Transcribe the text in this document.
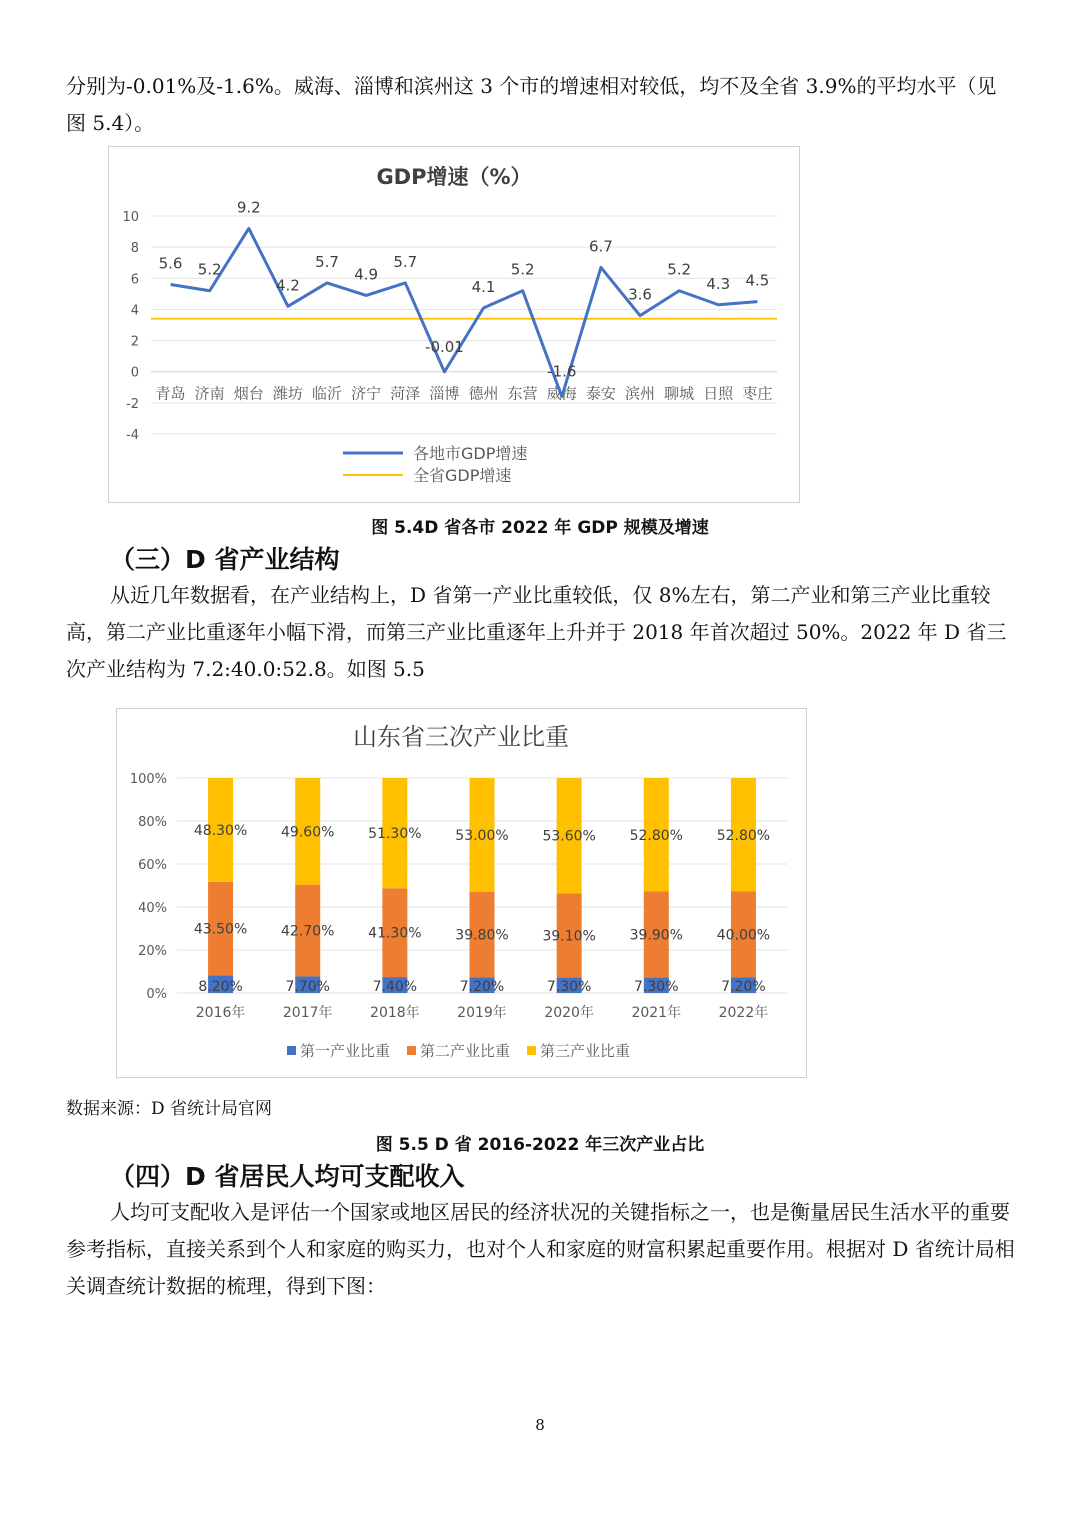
分别为-0.01%及-1.6%。威海、淄博和滨州这 3 个市的增速相对较低，均不及全省 3.9%的平均水平（见图 5.4）。

GDP增速（%）
10
8
6
4
2
0
-2
-4
青岛 济南 烟台 潍坊 临沂 济宁 菏泽 淄博 德州 东营 威海 泰安 滨州 聊城 日照 枣庄
5.6 5.2
9.2
4.2
5.7
4.9
5.7
-0.01
4.1
5.2
-1.6
6.7
3.6
5.2
4.3 4.5
各地市GDP增速
全省GDP增速
图 5.4D 省各市 2022 年 GDP 规模及增速
（三）D 省产业结构

从近几年数据看，在产业结构上，D 省第一产业比重较低，仅 8%左右，第二产业和第三产业比重较高，第二产业比重逐年小幅下滑，而第三产业比重逐年上升并于 2018 年首次超过 50%。2022 年 D 省三次产业结构为 7.2:40.0:52.8。如图 5.5

山东省三次产业比重
100%
80%
60%
40%
20%
0% 8.20%
43.50%
48.30%
7.70%
42.70%
49.60%
7.40%
41.30%
51.30%
7.20%
39.80%
53.00%
7.30%
39.10%
53.60%
7.30%
39.90%
52.80%
7.20%
40.00%
52.80%
2016年	2017年	2018年	2019年	2020年	2021年	2022年
第一产业比重 第二产业比重 第三产业比重
数据来源：D 省统计局官网
图 5.5 D 省 2016-2022 年三次产业占比
（四）D 省居民人均可支配收入

人均可支配收入是评估一个国家或地区居民的经济状况的关键指标之一，也是衡量居民生活水平的重要参考指标，直接关系到个人和家庭的购买力，也对个人和家庭的财富积累起重要作用。根据对 D 省统计局相关调查统计数据的梳理，得到下图：

8
